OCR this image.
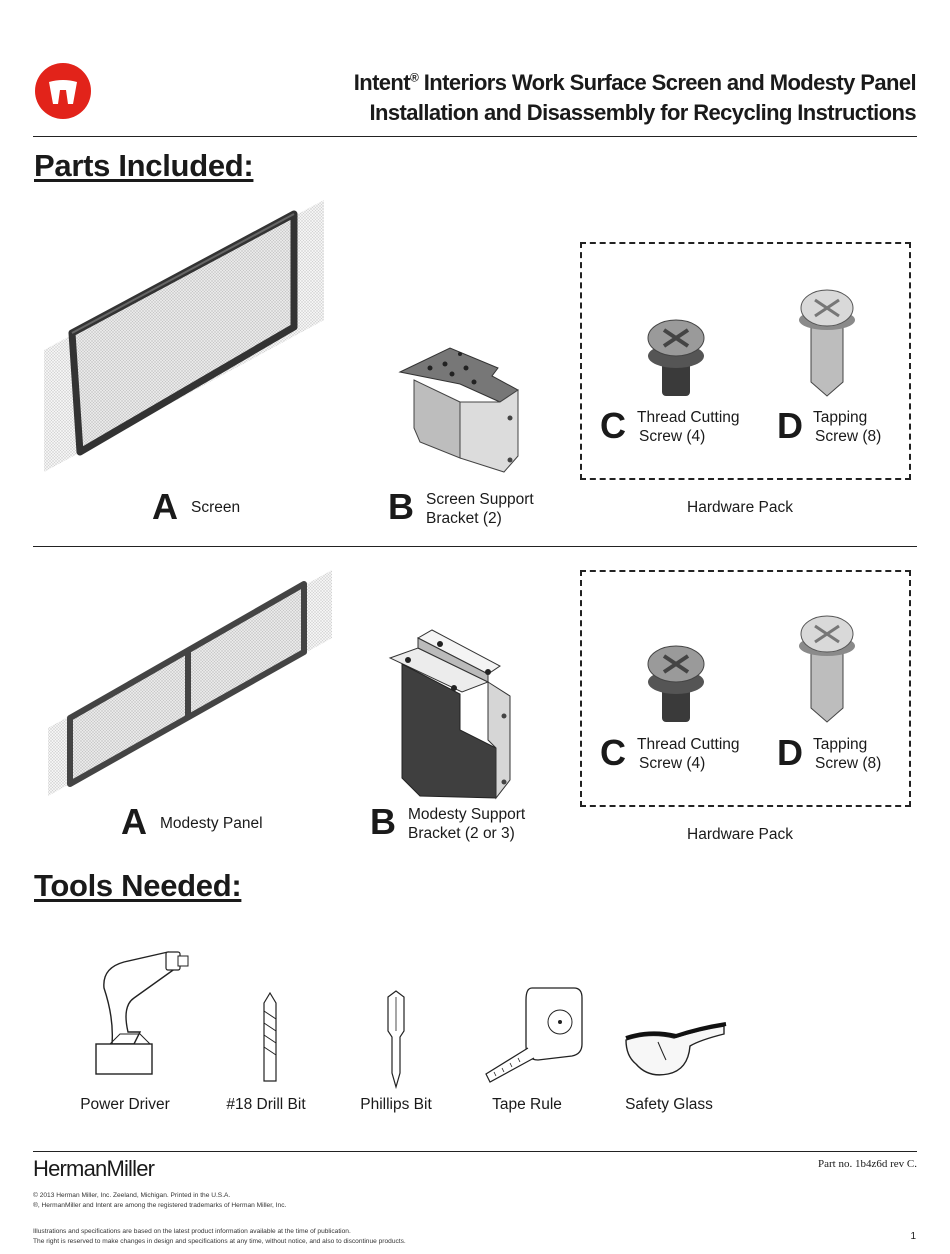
Intent® Interiors Work Surface Screen and Modesty Panel
Installation and Disassembly for Recycling Instructions
Parts Included:
A Screen	B Screen Support
Bracket (2)
C Thread Cutting
Screw (4) D Tapping
Screw (8)
Hardware Pack
A Modesty Panel	B Modesty Support
Bracket (2 or 3)
C Thread Cutting
Screw (4) D Tapping
Screw (8)
Hardware Pack
Tools Needed:
Power Driver	#18 Drill Bit	Phillips Bit	Tape Rule	Safety Glass
HermanMiller	Part no. 1b4z6d rev C.
© 2013 Herman Miller, Inc. Zeeland, Michigan. Printed in the U.S.A.
®, HermanMiller and Intent are among the registered trademarks of Herman Miller, Inc.
Illustrations and specifications are based on the latest product information available at the time of publication.
The right is reserved to make changes in design and specifications at any time, without notice, and also to discontinue products.	1
